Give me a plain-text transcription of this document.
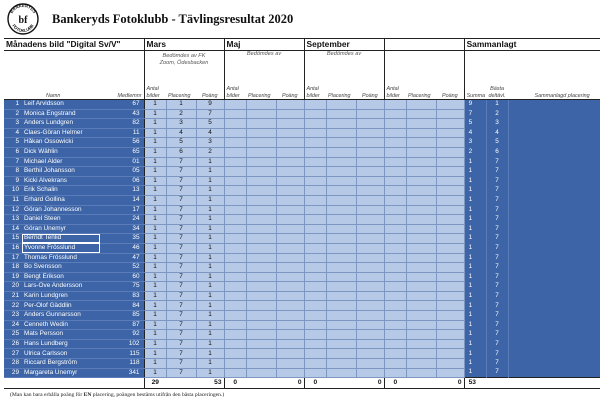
BANKERYDS
FOTOKLUBB
bf Bankeryds Fotoklubb - Tävlingsresultat 2020
Månadens bild "Digital Sv/V"			Mars			Maj			September						Sammanlagt		
			Bedömdes av FK Zoom, Ödesbacken			Bedömdes av			Bedömdes av								
	Namn	Medlemnr	Antal bilder	Placering	Poäng	Antal bilder	Placering	Poäng	Antal bilder	Placering	Poäng	Antal bilder	Placering	Poäng	Summa	Bästa deltävl.	Sammanlagd placering
1	Leif Arvidsson	67	1	1	9										9	1	
2	Monica Engstrand	43	1	2	7										7	2	
3	Anders Lundgren	82	1	3	5										5	3	
4	Claes-Göran Helmer	11	1	4	4										4	4	
5	Håkan Ossowicki	56	1	5	3										3	5	
6	Dick Wählin	65	1	6	2										2	6	
7	Michael Alder	01	1	7	1										1	7	
8	Berthil Johansson	05	1	7	1										1	7	
9	Kicki Alvekrans	06	1	7	1										1	7	
10	Erik Schalin	13	1	7	1										1	7	
11	Erhard Gollina	14	1	7	1										1	7	
12	Göran Johannesson	17	1	7	1										1	7	
13	Daniel Steen	24	1	7	1										1	7	
14	Göran Unemyr	34	1	7	1										1	7	
15	Berndt Tenlid	35	1	7	1										1	7	
16	Yvonne Frösslund	46	1	7	1										1	7	
17	Thomas Frösslund	47	1	7	1										1	7	
18	Bo Svensson	52	1	7	1										1	7	
19	Bengt Erikson	60	1	7	1										1	7	
20	Lars-Ove Andersson	75	1	7	1										1	7	
21	Karin Lundgren	83	1	7	1										1	7	
22	Per-Olof Gäddlin	84	1	7	1										1	7	
23	Anders Gunnarsson	85	1	7	1										1	7	
24	Cenneth Wedin	87	1	7	1										1	7	
25	Mats Persson	92	1	7	1										1	7	
26	Hans Lundberg	102	1	7	1										1	7	
27	Ulrica Carlsson	115	1	7	1										1	7	
28	Riccard Bergström	118	1	7	1										1	7	
29	Margareta Unemyr	341	1	7	1										1	7	
			29		53	0		0	0		0	0		0	53		
(Man kan bara erhålla poäng för EN placering, poängen bestäms utifrån den bästa placeringen.)
